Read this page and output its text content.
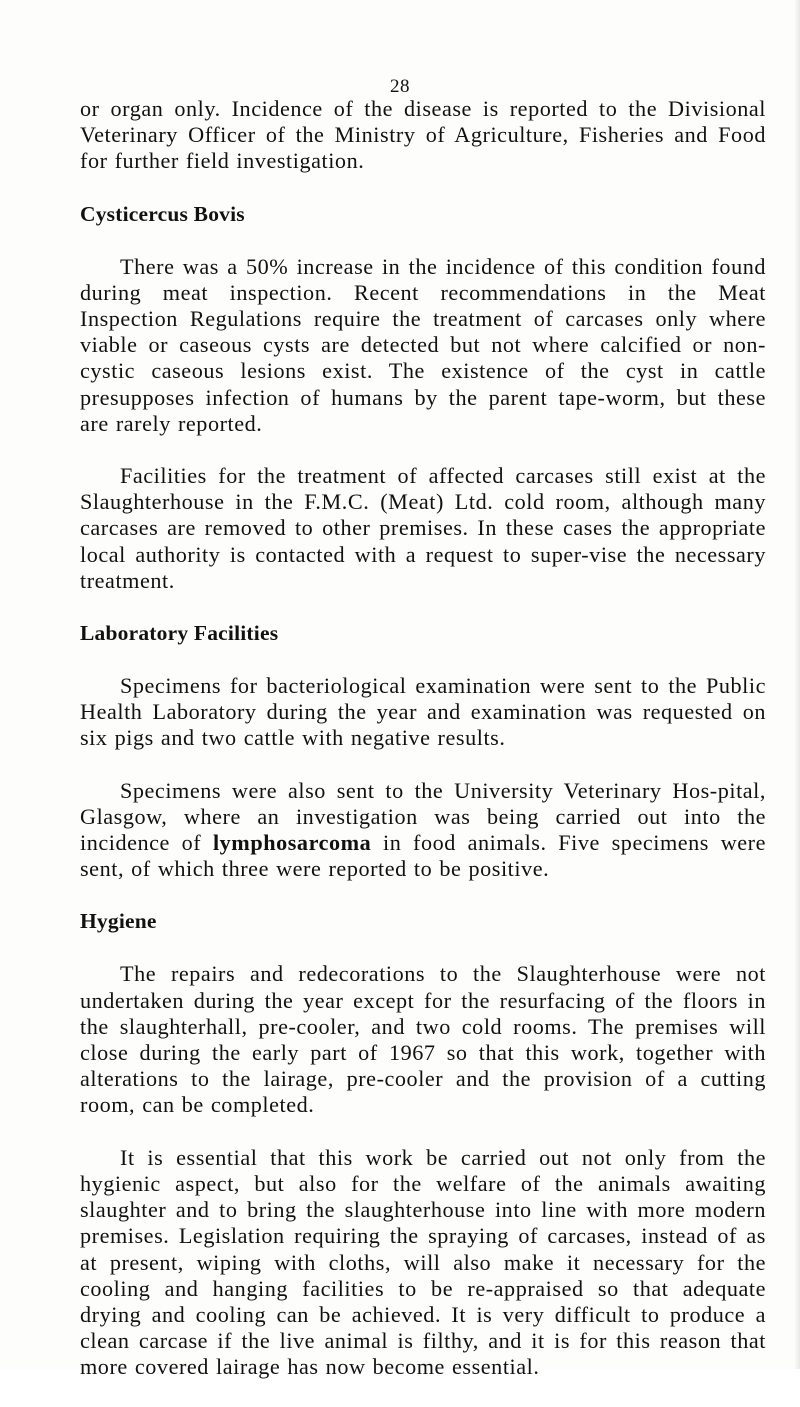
28

or organ only. Incidence of the disease is reported to the Divisional Veterinary Officer of the Ministry of Agriculture, Fisheries and Food for further field investigation.

Cysticercus Bovis

There was a 50% increase in the incidence of this condition found during meat inspection. Recent recommendations in the Meat Inspection Regulations require the treatment of carcases only where viable or caseous cysts are detected but not where calcified or non-cystic caseous lesions exist. The existence of the cyst in cattle presupposes infection of humans by the parent tape-worm, but these are rarely reported.

Facilities for the treatment of affected carcases still exist at the Slaughterhouse in the F.M.C. (Meat) Ltd. cold room, although many carcases are removed to other premises. In these cases the appropriate local authority is contacted with a request to super-vise the necessary treatment.

Laboratory Facilities

Specimens for bacteriological examination were sent to the Public Health Laboratory during the year and examination was requested on six pigs and two cattle with negative results.

Specimens were also sent to the University Veterinary Hos-pital, Glasgow, where an investigation was being carried out into the incidence of lymphosarcoma in food animals. Five specimens were sent, of which three were reported to be positive.

Hygiene

The repairs and redecorations to the Slaughterhouse were not undertaken during the year except for the resurfacing of the floors in the slaughterhall, pre-cooler, and two cold rooms. The premises will close during the early part of 1967 so that this work, together with alterations to the lairage, pre-cooler and the provision of a cutting room, can be completed.

It is essential that this work be carried out not only from the hygienic aspect, but also for the welfare of the animals awaiting slaughter and to bring the slaughterhouse into line with more modern premises. Legislation requiring the spraying of carcases, instead of as at present, wiping with cloths, will also make it necessary for the cooling and hanging facilities to be re-appraised so that adequate drying and cooling can be achieved. It is very difficult to produce a clean carcase if the live animal is filthy, and it is for this reason that more covered lairage has now become essential.
